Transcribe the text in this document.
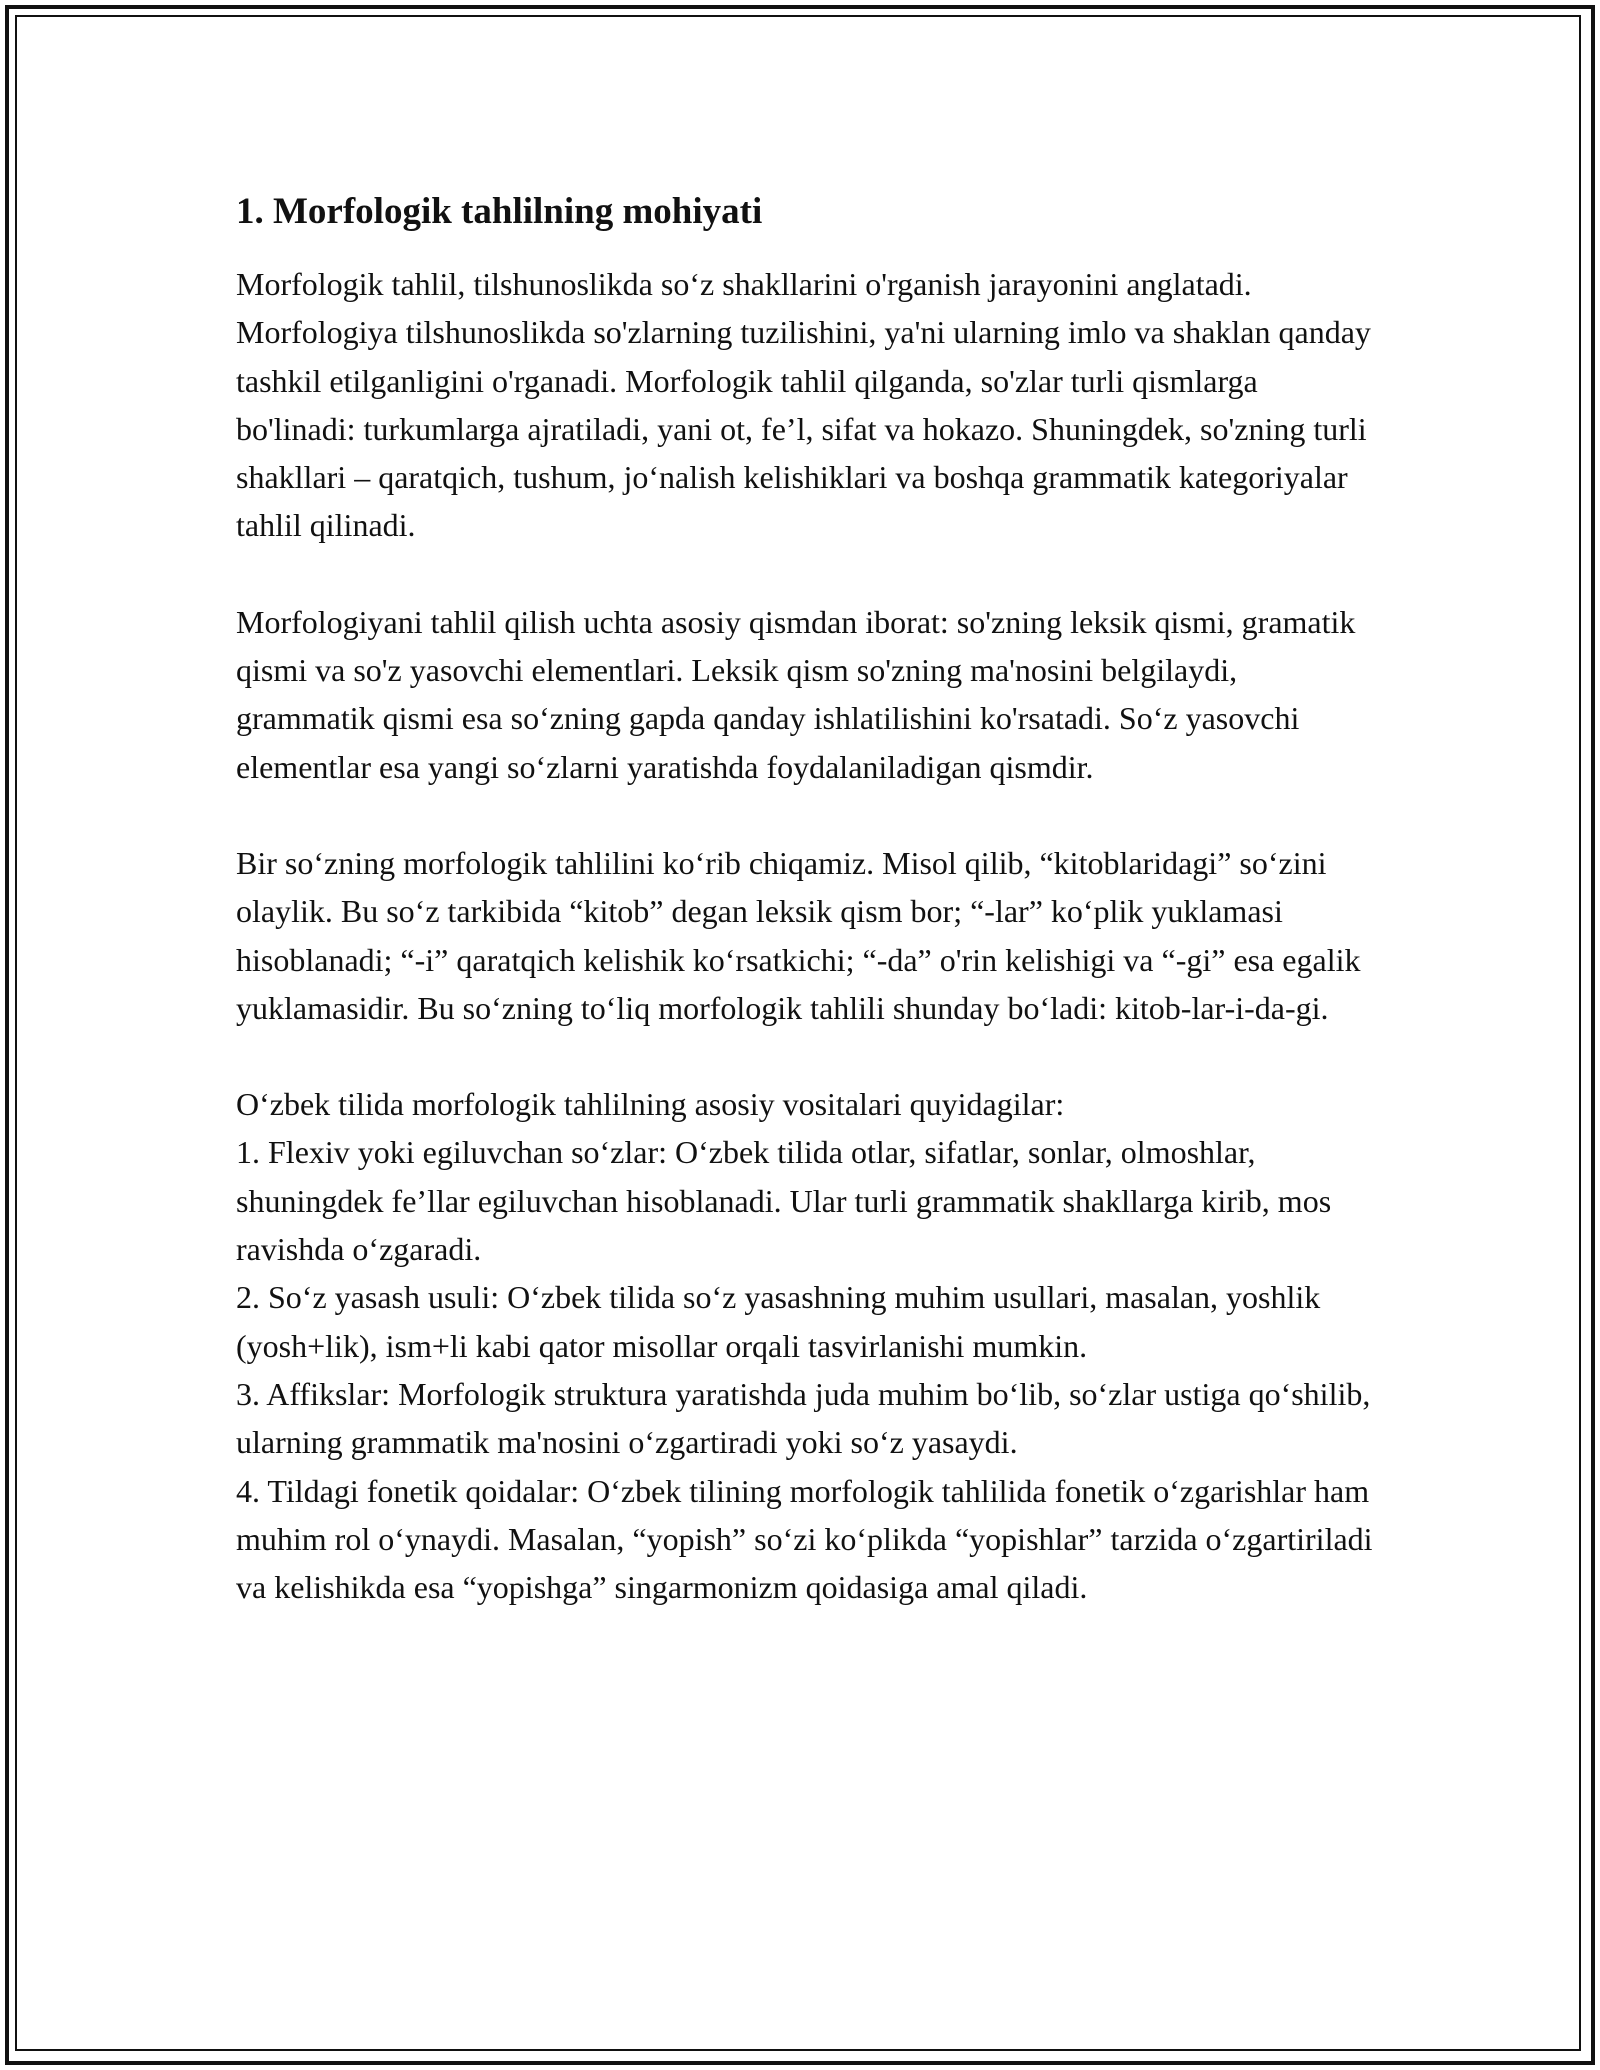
1. Morfologik tahlilning mohiyati

Morfologik tahlil, tilshunoslikda so‘z shakllarini o'rganish jarayonini anglatadi. Morfologiya tilshunoslikda so'zlarning tuzilishini, ya'ni ularning imlo va shaklan qanday tashkil etilganligini o'rganadi. Morfologik tahlil qilganda, so'zlar turli qismlarga bo'linadi: turkumlarga ajratiladi, yani ot, fe’l, sifat va hokazo. Shuningdek, so'zning turli shakllari – qaratqich, tushum, jo‘nalish kelishiklari va boshqa grammatik kategoriyalar tahlil qilinadi.

Morfologiyani tahlil qilish uchta asosiy qismdan iborat: so'zning leksik qismi, gramatik qismi va so'z yasovchi elementlari. Leksik qism so'zning ma'nosini belgilaydi, grammatik qismi esa so‘zning gapda qanday ishlatilishini ko'rsatadi. So‘z yasovchi elementlar esa yangi so‘zlarni yaratishda foydalaniladigan qismdir.

Bir so‘zning morfologik tahlilini ko‘rib chiqamiz. Misol qilib, “kitoblaridagi” so‘zini olaylik. Bu so‘z tarkibida “kitob” degan leksik qism bor; “-lar” ko‘plik yuklamasi hisoblanadi; “-i” qaratqich kelishik ko‘rsatkichi; “-da” o'rin kelishigi va “-gi” esa egalik yuklamasidir. Bu so‘zning to‘liq morfologik tahlili shunday bo‘ladi: kitob-lar-i-da-gi.

O‘zbek tilida morfologik tahlilning asosiy vositalari quyidagilar:
1. Flexiv yoki egiluvchan so‘zlar: O‘zbek tilida otlar, sifatlar, sonlar, olmoshlar, shuningdek fe’llar egiluvchan hisoblanadi. Ular turli grammatik shakllarga kirib, mos ravishda o‘zgaradi.
2. So‘z yasash usuli: O‘zbek tilida so‘z yasashning muhim usullari, masalan, yoshlik (yosh+lik), ism+li kabi qator misollar orqali tasvirlanishi mumkin.
3. Affikslar: Morfologik struktura yaratishda juda muhim bo‘lib, so‘zlar ustiga qo‘shilib, ularning grammatik ma'nosini o‘zgartiradi yoki so‘z yasaydi.
4. Tildagi fonetik qoidalar: O‘zbek tilining morfologik tahlilida fonetik o‘zgarishlar ham muhim rol o‘ynaydi. Masalan, “yopish” so‘zi ko‘plikda “yopishlar” tarzida o‘zgartiriladi va kelishikda esa “yopishga” singarmonizm qoidasiga amal qiladi.
